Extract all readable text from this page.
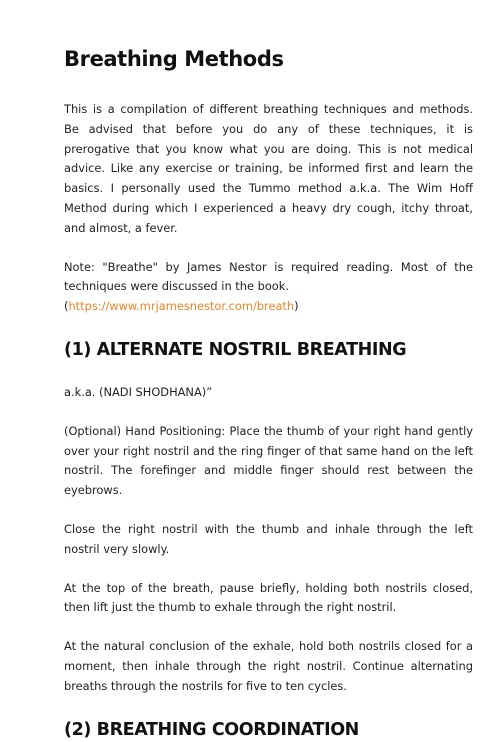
Breathing Methods

This is a compilation of different breathing techniques and methods. Be advised that before you do any of these techniques, it is prerogative that you know what you are doing. This is not medical advice. Like any exercise or training, be informed first and learn the basics. I personally used the Tummo method a.k.a. The Wim Hoff Method during which I experienced a heavy dry cough, itchy throat, and almost, a fever.

Note: "Breathe" by James Nestor is required reading. Most of the techniques were discussed in the book.
(https://www.mrjamesnestor.com/breath)

(1) ALTERNATE NOSTRIL BREATHING

a.k.a. (NADI SHODHANA)”

(Optional) Hand Positioning: Place the thumb of your right hand gently over your right nostril and the ring finger of that same hand on the left nostril. The forefinger and middle finger should rest between the eyebrows.

Close the right nostril with the thumb and inhale through the left nostril very slowly.

At the top of the breath, pause briefly, holding both nostrils closed, then lift just the thumb to exhale through the right nostril.

At the natural conclusion of the exhale, hold both nostrils closed for a moment, then inhale through the right nostril. Continue alternating breaths through the nostrils for five to ten cycles.

(2) BREATHING COORDINATION
